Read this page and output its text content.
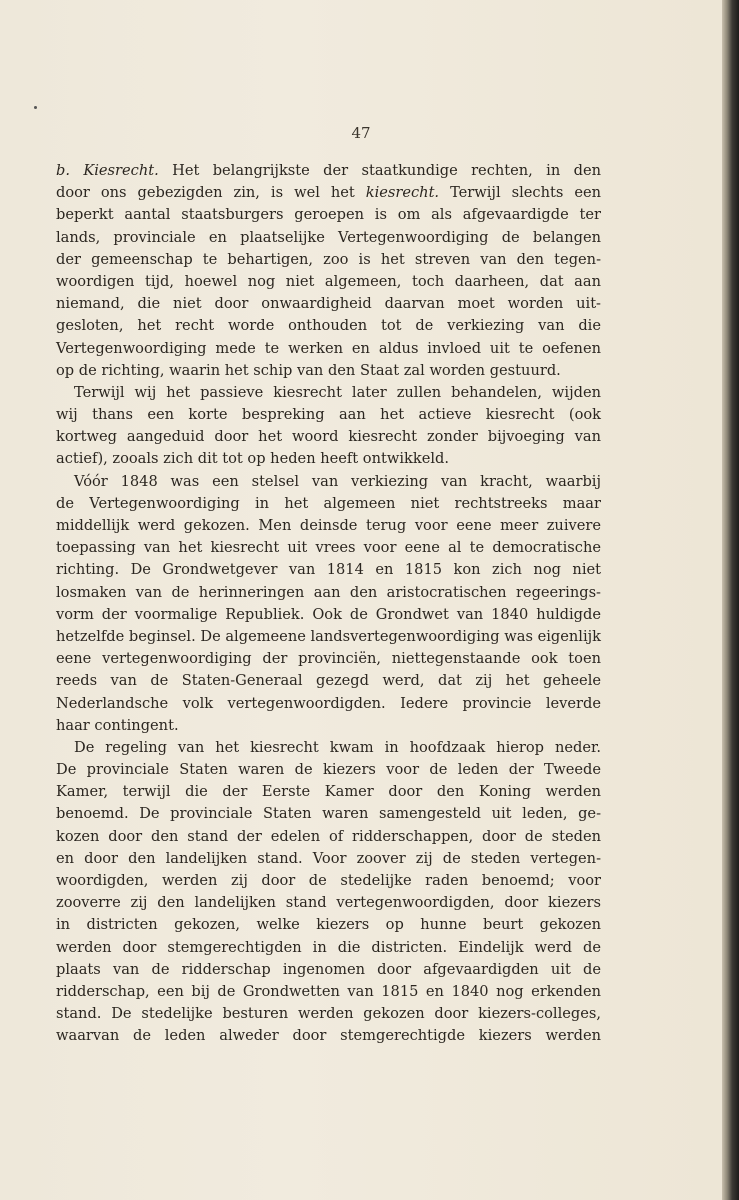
47
b. Kiesrecht. Het belangrijkste der staatkundige rechten, in den
door ons gebezigden zin, is wel het kiesrecht. Terwijl slechts een
beperkt aantal staatsburgers geroepen is om als afgevaardigde ter
lands, provinciale en plaatselijke Vertegenwoordiging de belangen
der gemeenschap te behartigen, zoo is het streven van den tegen-
woordigen tijd, hoewel nog niet algemeen, toch daarheen, dat aan
niemand, die niet door onwaardigheid daarvan moet worden uit-
gesloten, het recht worde onthouden tot de verkiezing van die
Vertegenwoordiging mede te werken en aldus invloed uit te oefenen
op de richting, waarin het schip van den Staat zal worden gestuurd.
Terwijl wij het passieve kiesrecht later zullen behandelen, wijden
wij thans een korte bespreking aan het actieve kiesrecht (ook
kortweg aangeduid door het woord kiesrecht zonder bijvoeging van
actief), zooals zich dit tot op heden heeft ontwikkeld.
Vóór 1848 was een stelsel van verkiezing van kracht, waarbij
de Vertegenwoordiging in het algemeen niet rechtstreeks maar
middellijk werd gekozen. Men deinsde terug voor eene meer zuivere
toepassing van het kiesrecht uit vrees voor eene al te democratische
richting. De Grondwetgever van 1814 en 1815 kon zich nog niet
losmaken van de herinneringen aan den aristocratischen regeerings-
vorm der voormalige Republiek. Ook de Grondwet van 1840 huldigde
hetzelfde beginsel. De algemeene landsvertegenwoordiging was eigenlijk
eene vertegenwoordiging der provinciën, niettegenstaande ook toen
reeds van de Staten-Generaal gezegd werd, dat zij het geheele
Nederlandsche volk vertegenwoordigden. Iedere provincie leverde
haar contingent.
De regeling van het kiesrecht kwam in hoofdzaak hierop neder.
De provinciale Staten waren de kiezers voor de leden der Tweede
Kamer, terwijl die der Eerste Kamer door den Koning werden
benoemd. De provinciale Staten waren samengesteld uit leden, ge-
kozen door den stand der edelen of ridderschappen, door de steden
en door den landelijken stand. Voor zoover zij de steden vertegen-
woordigden, werden zij door de stedelijke raden benoemd; voor
zooverre zij den landelijken stand vertegenwoordigden, door kiezers
in districten gekozen, welke kiezers op hunne beurt gekozen
werden door stemgerechtigden in die districten. Eindelijk werd de
plaats van de ridderschap ingenomen door afgevaardigden uit de
ridderschap, een bij de Grondwetten van 1815 en 1840 nog erkenden
stand. De stedelijke besturen werden gekozen door kiezers-colleges,
waarvan de leden alweder door stemgerechtigde kiezers werden
